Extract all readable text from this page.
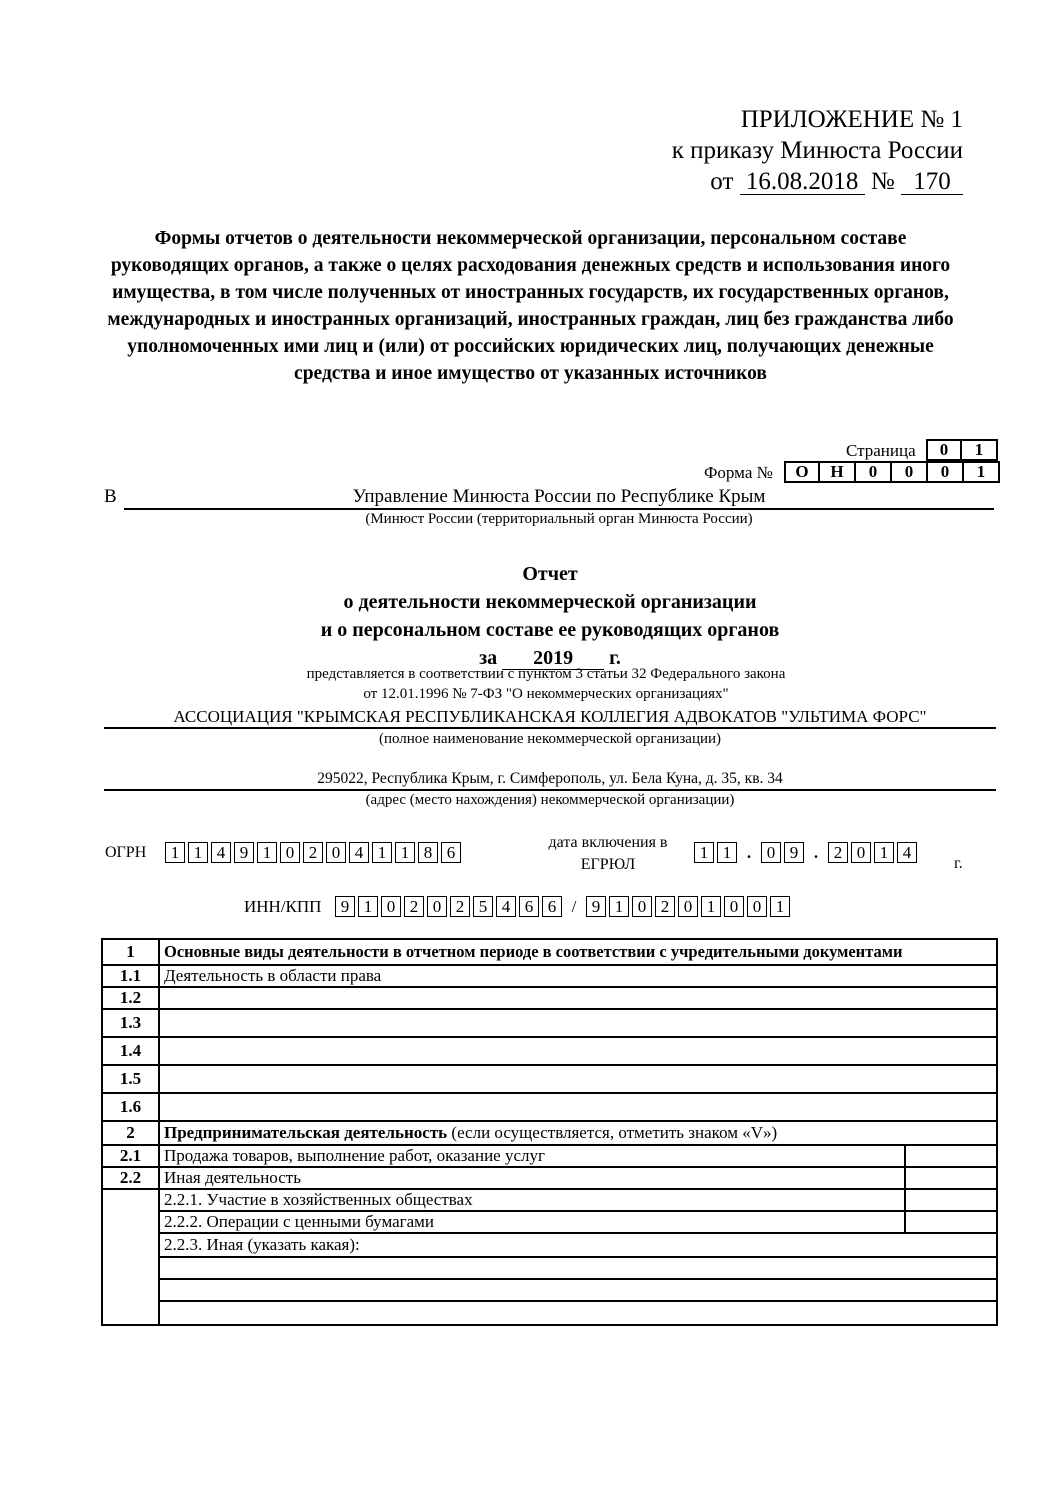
ПРИЛОЖЕНИЕ № 1
к приказу Минюста России
от 16.08.2018 № 170
Формы отчетов о деятельности некоммерческой организации, персональном составе руководящих органов, а также о целях расходования денежных средств и использования иного имущества, в том числе полученных от иностранных государств, их государственных органов, международных и иностранных организаций, иностранных граждан, лиц без гражданства либо уполномоченных ими лиц и (или) от российских юридических лиц, получающих денежные средства и иное имущество от указанных источников
Страница	0	1
Форма №	О	Н	0	0	0	1
В	Управление Минюста России по Республике Крым
(Минюст России (территориальный орган Минюста России)
Отчет
о деятельности некоммерческой организации
и о персональном составе ее руководящих органов
за 2019 г.
представляется в соответствии с пунктом 3 статьи 32 Федерального закона
от 12.01.1996 № 7-ФЗ "О некоммерческих организациях"
АССОЦИАЦИЯ "КРЫМСКАЯ РЕСПУБЛИКАНСКАЯ КОЛЛЕГИЯ АДВОКАТОВ "УЛЬТИМА ФОРС"
(полное наименование некоммерческой организации)
295022, Республика Крым, г. Симферополь, ул. Бела Куна, д. 35, кв. 34
(адрес (место нахождения) некоммерческой организации)
ОГРН	1 1 4 9 1 0 2 0 4 1 1 8 6	дата включения в
ЕГРЮЛ
1 1 . 0 9 . 2 0 1 4
г.
ИНН/КПП	9 1 0 2 0 2 5 4 6 6 / 9 1 0 2 0 1 0 0 1
1	Основные виды деятельности в отчетном периоде в соответствии с учредительными документами	
1.1	Деятельность в области права	
1.2		
1.3		
1.4		
1.5		
1.6		
2	Предпринимательская деятельность (если осуществляется, отметить знаком «V»)	
2.1	Продажа товаров, выполнение работ, оказание услуг	
2.2	Иная деятельность	
	2.2.1. Участие в хозяйственных обществах	
	2.2.2. Операции с ценными бумагами	
	2.2.3. Иная (указать какая):	
